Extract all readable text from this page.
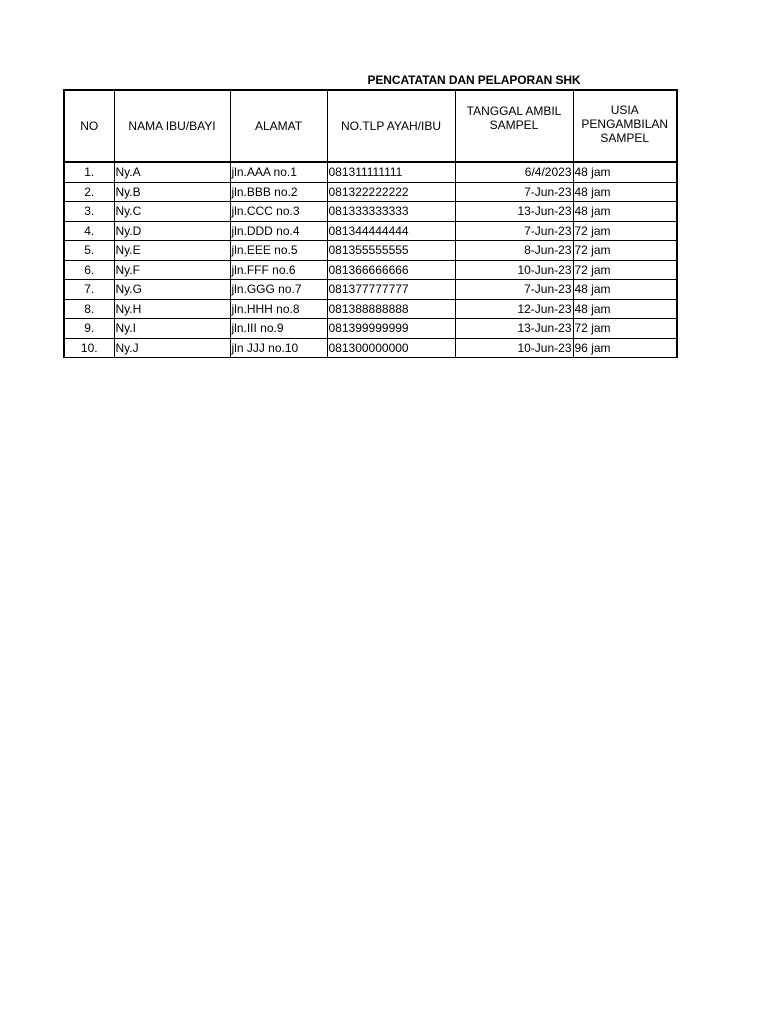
PENCATATAN DAN PELAPORAN SHK
NO	NAMA IBU/BAYI	ALAMAT	NO.TLP AYAH/IBU	TANGGAL AMBIL SAMPEL	USIA PENGAMBILAN SAMPEL
1.	Ny.A	jln.AAA no.1	081311111111	6/4/2023	48 jam
2.	Ny.B	jln.BBB no.2	081322222222	7-Jun-23	48 jam
3.	Ny.C	jln.CCC no.3	081333333333	13-Jun-23	48 jam
4.	Ny.D	jln.DDD no.4	081344444444	7-Jun-23	72 jam
5.	Ny.E	jln.EEE no.5	081355555555	8-Jun-23	72 jam
6.	Ny.F	jln.FFF no.6	081366666666	10-Jun-23	72 jam
7.	Ny.G	jln.GGG no.7	081377777777	7-Jun-23	48 jam
8.	Ny.H	jln.HHH no.8	081388888888	12-Jun-23	48 jam
9.	Ny.I	jln.III no.9	081399999999	13-Jun-23	72 jam
10.	Ny.J	jln JJJ no.10	081300000000	10-Jun-23	96 jam
